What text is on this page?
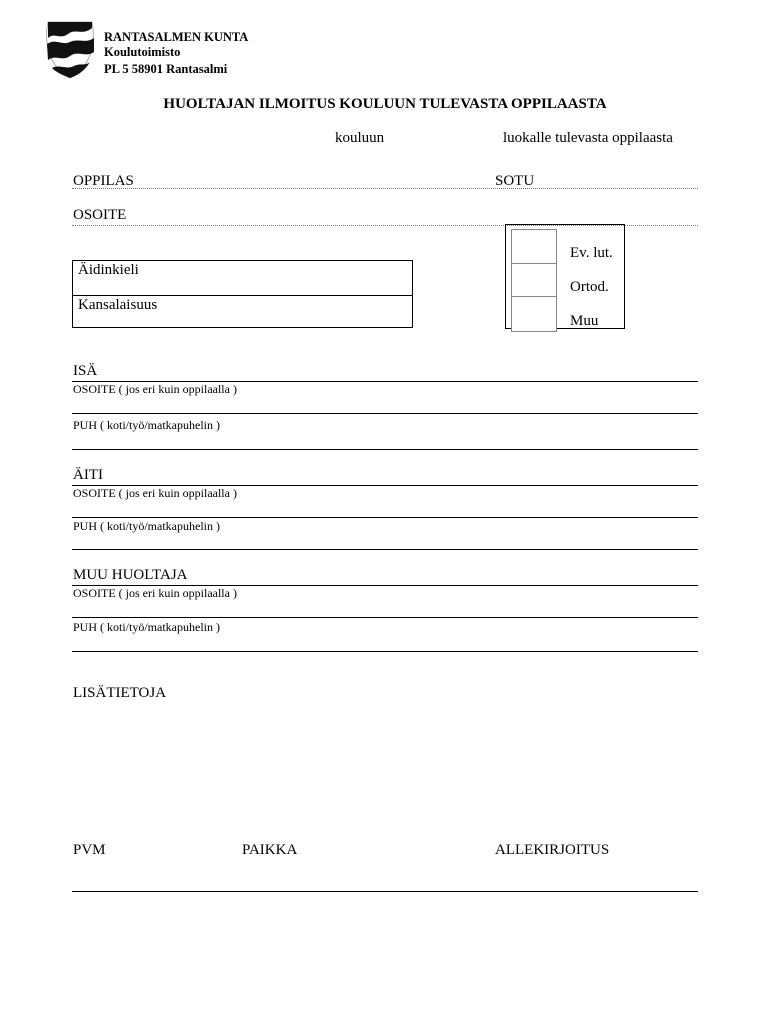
RANTASALMEN KUNTA
Koulutoimisto
PL 5 58901 Rantasalmi
HUOLTAJAN ILMOITUS KOULUUN TULEVASTA OPPILAASTA
kouluun	luokalle tulevasta oppilaasta
OPPILAS	SOTU
OSOITE
Äidinkieli
Kansalaisuus
Ev. lut.
Ortod.
Muu
ISÄ
OSOITE ( jos eri kuin oppilaalla )
PUH ( koti/työ/matkapuhelin )
ÄITI
OSOITE ( jos eri kuin oppilaalla )
PUH ( koti/työ/matkapuhelin )
MUU HUOLTAJA
OSOITE ( jos eri kuin oppilaalla )
PUH ( koti/työ/matkapuhelin )
LISÄTIETOJA
PVM	PAIKKA	ALLEKIRJOITUS
